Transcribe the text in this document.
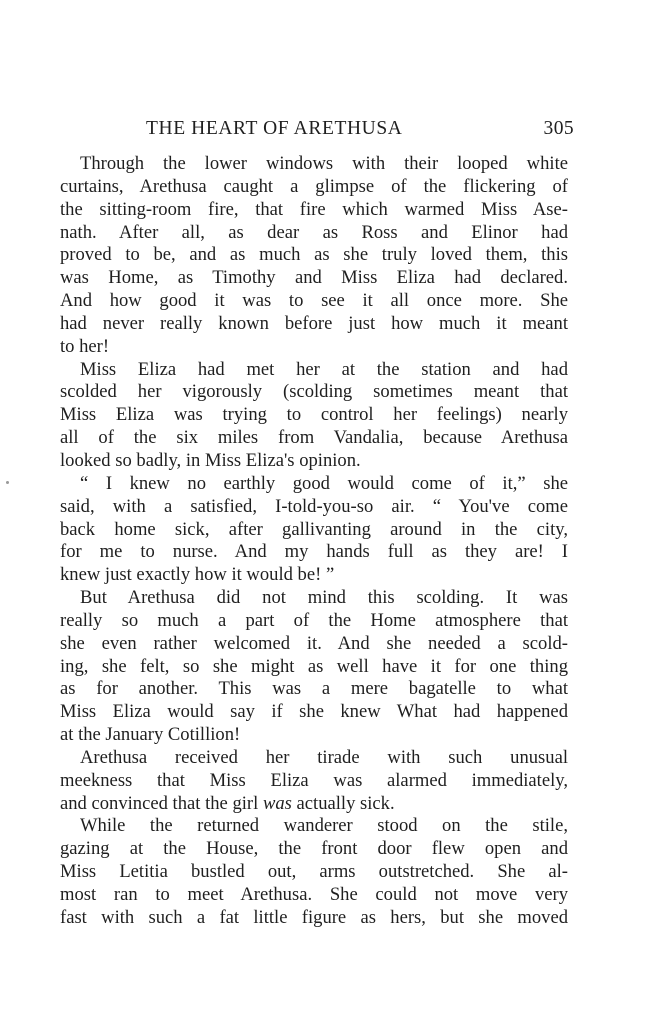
THE HEART OF ARETHUSA	305
Through the lower windows with their looped white
curtains, Arethusa caught a glimpse of the flickering of
the sitting-room fire, that fire which warmed Miss Ase-
nath. After all, as dear as Ross and Elinor had
proved to be, and as much as she truly loved them, this
was Home, as Timothy and Miss Eliza had declared.
And how good it was to see it all once more. She
had never really known before just how much it meant
to her!
Miss Eliza had met her at the station and had
scolded her vigorously (scolding sometimes meant that
Miss Eliza was trying to control her feelings) nearly
all of the six miles from Vandalia, because Arethusa
looked so badly, in Miss Eliza's opinion.
“ I knew no earthly good would come of it,” she
said, with a satisfied, I-told-you-so air. “ You've come
back home sick, after gallivanting around in the city,
for me to nurse. And my hands full as they are! I
knew just exactly how it would be! ”
But Arethusa did not mind this scolding. It was
really so much a part of the Home atmosphere that
she even rather welcomed it. And she needed a scold-
ing, she felt, so she might as well have it for one thing
as for another. This was a mere bagatelle to what
Miss Eliza would say if she knew What had happened
at the January Cotillion!
Arethusa received her tirade with such unusual
meekness that Miss Eliza was alarmed immediately,
and convinced that the girl was actually sick.
While the returned wanderer stood on the stile,
gazing at the House, the front door flew open and
Miss Letitia bustled out, arms outstretched. She al-
most ran to meet Arethusa. She could not move very
fast with such a fat little figure as hers, but she moved
